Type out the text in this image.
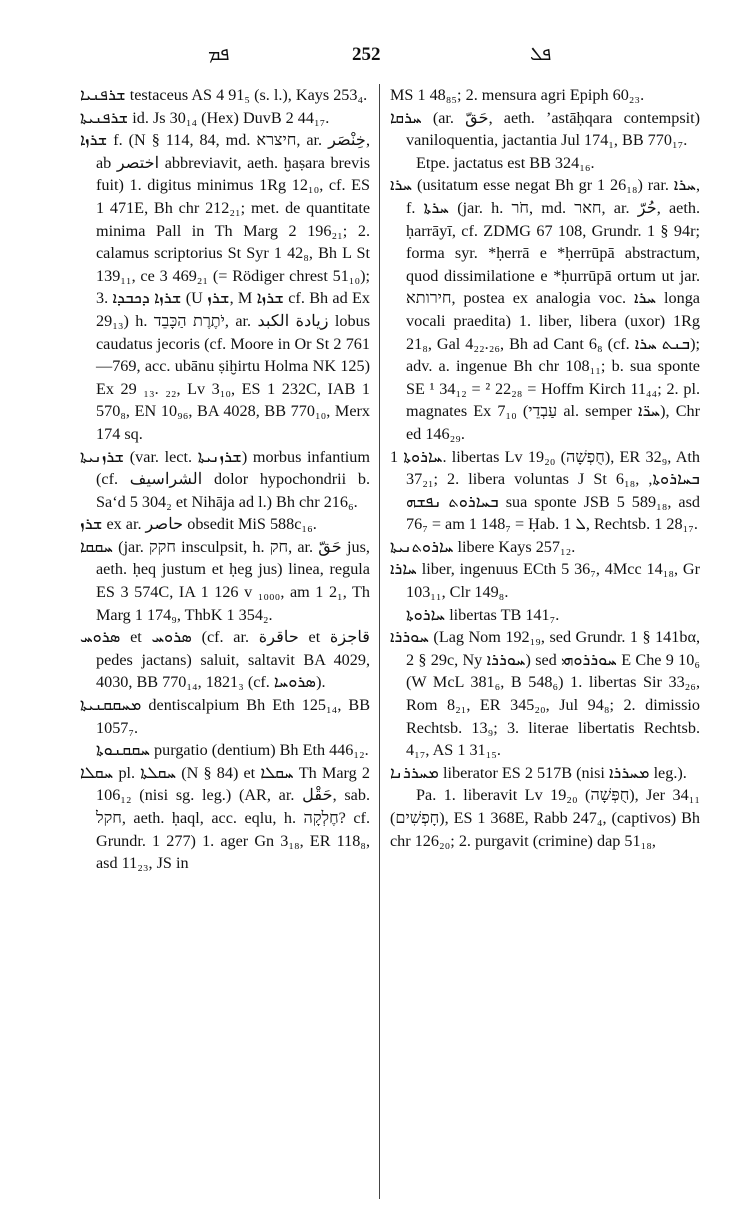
ܦܡ	252	ܦܠ

ܫܪܦܢܝܐ testaceus AS 4 91₅ (s. l.), Kays 253₄.

ܫܪܦܢܝܬܐ id. Js 30₁₄ (Hex) DuvB 2 44₁₇.

ܫܪܙܐ f. (N § 114, 84, md. ‎חיצרא, ar. خِنْصَر, ab اختصر abbreviavit, aeth. ḫaṣara brevis fuit) 1. digitus minimus 1Rg 12₁₀, cf. ES 1 471E, Bh chr 212₂₁; met. de quantitate minima Pall in Th Marg 2 196₂₁; 2. calamus scriptorius St Syr 1 42₈, Bh L St 139₁₁, ce 3 469₂₁ (= Rödiger chrest 51₁₀); 3. ܫܪܙܐ ܕܟܒܕܐ (U ܫܪܙ, M ܫܪܙܐ cf. Bh ad Ex 29₁₃) h. יֹתֶרֶת הַכָּבֵד, ar. زيادة الكبد lobus caudatus jecoris (cf. Moore in Or St 2 761—769, acc. ubānu ṣiḫirtu Holma NK 125) Ex 29 ₁₃. ₂₂, Lv 3₁₀, ES 1 232C, IAB 1 570₈, EN 10₉₆, BA 4028, BB 770₁₀, Merx 174 sq.

ܫܪܙܢܝܬܐ (var. lect. ܫܪܙܢܝܬܐ) morbus infantium (cf. الشراسيف dolor hypochondrii b. Saʻd 5 304₂ et Nihāja ad l.) Bh chr 216₆.

ܫܪܙ ex ar. حاصر obsedit MiS 588c₁₆.

ܚܩܩܐ (jar. חקק insculpsit, h. חק, ar. حَقّ jus, aeth. ḥeq justum et ḥeg jus) linea, regula ES 3 574C, IA 1 126 v ₁₀₀₀, am 1 2₁, Th Marg 1 174₉, ThbK 1 354₂.

ܣܪܘܚ et ܣܪܘܚ (cf. ar. حاقرة et قاجزة pedes jactans) saluit, saltavit BA 4029, 4030, BB 770₁₄, 1821₃ (cf. ܣܪܘܚܐ).

ܡܚܩܩܢܝܬܐ dentiscalpium Bh Eth 125₁₄, BB 1057₇.

ܚܩܩܢܘܬܐ purgatio (dentium) Bh Eth 446₁₂.

ܚܩܠܐ pl. ܚܩܠܬܐ (N § 84) et ܚܩܠܐ Th Marg 2 106₁₂ (nisi sg. leg.) (AR, ar. حَقْل, sab. חקל, aeth. ḥaql, acc. eqlu, h. חֶלְקָה? cf. Grundr. 1 277) 1. ager Gn 3₁₈, ER 118₈, asd 11₂₃, JS in

MS 1 48₈₅; 2. mensura agri Epiph 60₂₃.

ܚܪܩܐ (ar. حَقّ, aeth. ʼastāḥqara contempsit) vaniloquentia, jactantia Jul 174₁, BB 770₁₇.

Etpe. jactatus est BB 324₁₆.

ܚܪܐ (usitatum esse negat Bh gr 1 26₁₈) rar. ܚܪܐ, f. ܚܪܬܐ (jar. h. חֹר, md. חאר, ar. حُرّ, aeth. ḥarrāyī, cf. ZDMG 67 108, Grundr. 1 § 94r; forma syr. *ḥerrā e *ḥerrūpā abstractum, quod dissimilatione e *ḥurrūpā ortum ut jar. חירותא, postea ex analogia voc. ܚܪܐ longa vocali praedita) 1. liber, libera (uxor) 1Rg 21₈, Gal 4₂₂.₂₆, Bh ad Cant 6₈ (cf. ܒܢܬ ܚܪܐ); adv. a. ingenue Bh chr 108₁₁; b. sua sponte SE ¹ 34₁₂ = ² 22₂₈ = Hoffm Kirch 11₄₄; 2. pl. magnates Ex 7₁₀ (עַבְדֵי al. semper ܚܪ̈ܐ), Chr ed 146₂₉.

ܚܐܪܘܬܐ 1. libertas Lv 19₂₀ (חֻפְשָׁה), ER 32₉, Ath 37₂₁; 2. libera voluntas J St 6₁₈, ܒܚܐܪܘܬܐ, ܒܚܐܪܘܬ ܢܦܫܗ sua sponte JSB 5 589₁₈, asd 76₇ = am 1 148₇ = Ḥab. ܠ 1, Rechtsb. 1 28₁₇.

ܚܐܪܘܬܢܝܬܐ libere Kays 257₁₂.

ܚܐܪܐ liber, ingenuus ECth 5 36₇, 4Mcc 14₁₈, Gr 103₁₁, Clr 149₈.

ܚܐܪܘܬܐ libertas TB 141₇.

ܚܘܪܪܐ (Lag Nom 192₁₉, sed Grundr. 1 § 141bα, 2 § 29c, Ny ܚܘܪܪܐ) sed ܚܘܪܪܘܗܝ E Che 9 10₆ (W McL 381₆, B 548₆) 1. libertas Sir 33₂₆, Rom 8₂₁, ER 345₂₀, Jul 94₈; 2. dimissio Rechtsb. 13₉; 3. literae libertatis Rechtsb. 4₁₇, AS 1 31₁₅.

ܡܚܪܪܢܐ liberator ES 2 517B (nisi ܡܚܪܪܐ leg.).

Pa. 1. liberavit Lv 19₂₀ (חֻפְּשָׁה), Jer 34₁₁ (חָפְשִׁים), ES 1 368E, Rabb 247₄, (captivos) Bh chr 126₂₀; 2. purgavit (crimine) dap 51₁₈,
